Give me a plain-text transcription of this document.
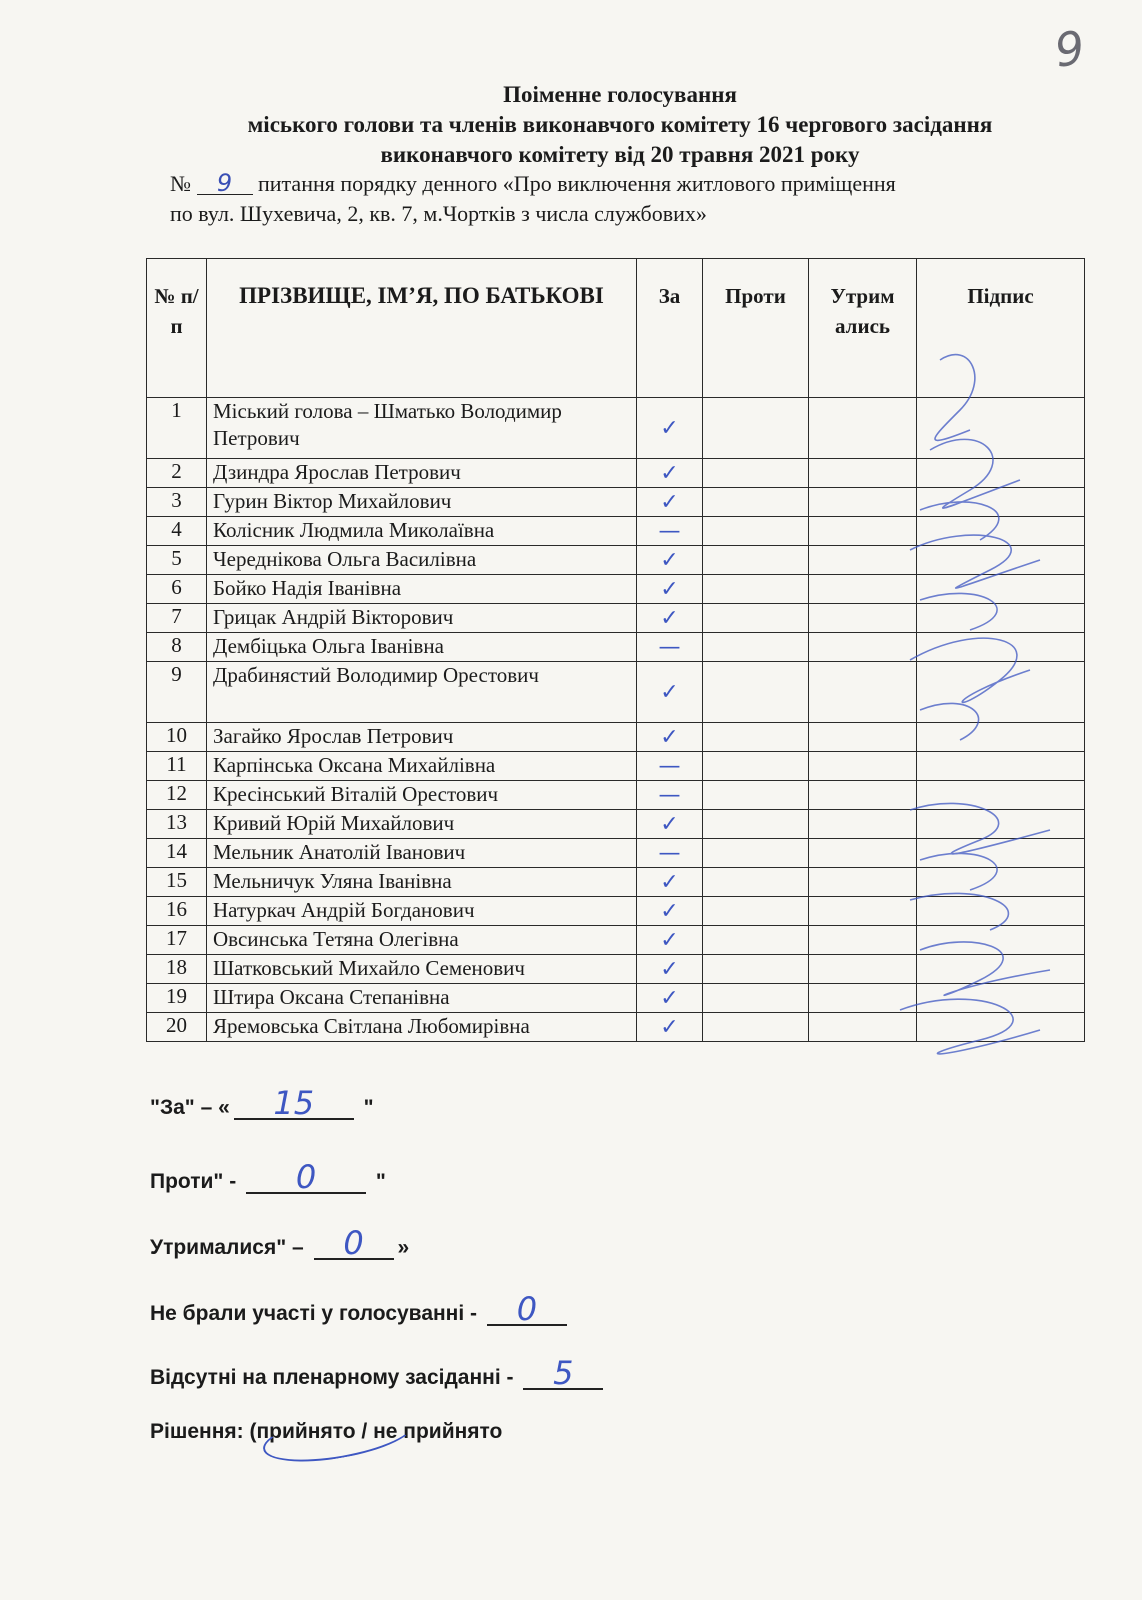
9
Поіменне голосування
міського голови та членів виконавчого комітету 16 чергового засідання
виконавчого комітету від 20 травня 2021 року
№ 9 питання порядку денного «Про виключення житлового приміщення
по вул. Шухевича, 2, кв. 7, м.Чортків з числа службових»
№ п/п	ПРІЗВИЩЕ, ІМ’Я, ПО БАТЬКОВІ	За	Проти	Утрим ались	Підпис
1	Міський голова – Шматько Володимир Петрович	✓			
2	Дзиндра Ярослав Петрович	✓			
3	Гурин Віктор Михайлович	✓			
4	Колісник Людмила Миколаївна	—			
5	Череднікова Ольга Василівна	✓			
6	Бойко Надія Іванівна	✓			
7	Грицак Андрій Вікторович	✓			
8	Дембіцька Ольга Іванівна	—			
9	Драбинястий Володимир Орестович	✓			
10	Загайко Ярослав Петрович	✓			
11	Карпінська Оксана Михайлівна	—			
12	Кресінський Віталій Орестович	—			
13	Кривий Юрій Михайлович	✓			
14	Мельник Анатолій Іванович	—			
15	Мельничук Уляна Іванівна	✓			
16	Натуркач Андрій Богданович	✓			
17	Овсинська Тетяна Олегівна	✓			
18	Шатковський Михайло Семенович	✓			
19	Штира Оксана Степанівна	✓			
20	Яремовська Світлана Любомирівна	✓			
"За" – « 15 "
Проти" - 0	"
Утрималися" – 0 »
Не брали участі у голосуванні - 0
Відсутні на пленарному засіданні - 5
Рішення: (прийнято / не прийнято
